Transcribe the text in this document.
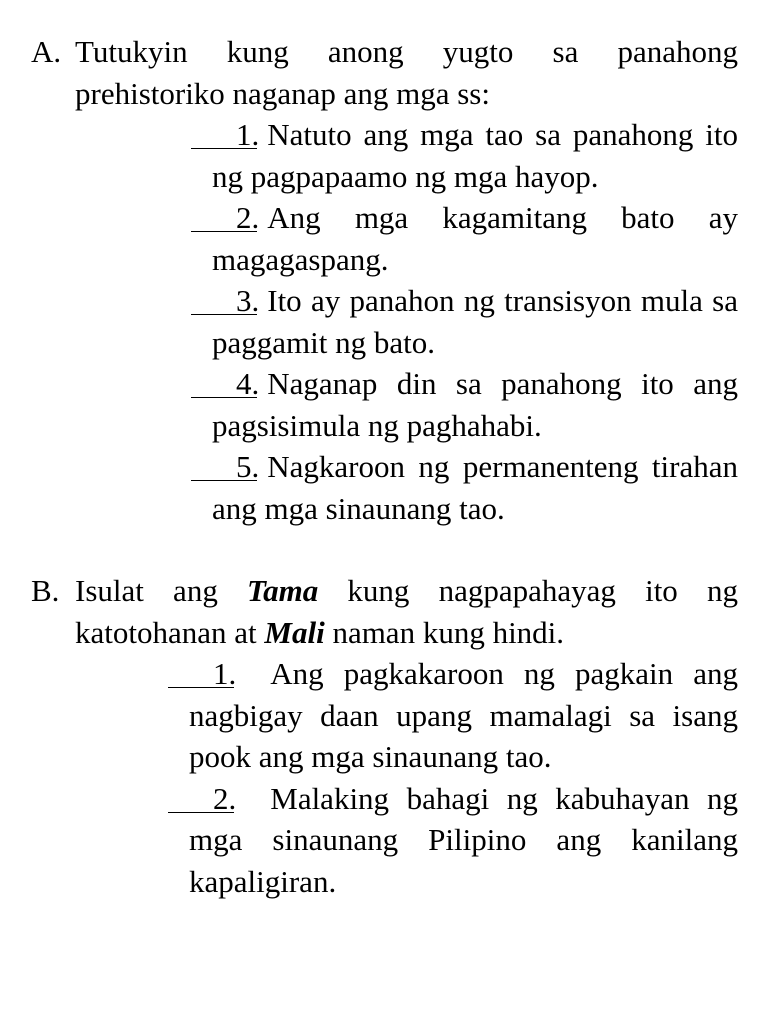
A. Tutukyin kung anong yugto sa panahong prehistoriko naganap ang mga ss:
1. Natuto ang mga tao sa panahong ito ng pagpapaamo ng mga hayop.
2. Ang mga kagamitang bato ay magagaspang.
3. Ito ay panahon ng transisyon mula sa paggamit ng bato.
4. Naganap din sa panahong ito ang pagsisimula ng paghahabi.
5. Nagkaroon ng permanenteng tirahan ang mga sinaunang tao.
B. Isulat ang Tama kung nagpapahayag ito ng katotohanan at Mali naman kung hindi.
1. Ang pagkakaroon ng pagkain ang nagbigay daan upang mamalagi sa isang pook ang mga sinaunang tao.
2. Malaking bahagi ng kabuhayan ng mga sinaunang Pilipino ang kanilang kapaligiran.
